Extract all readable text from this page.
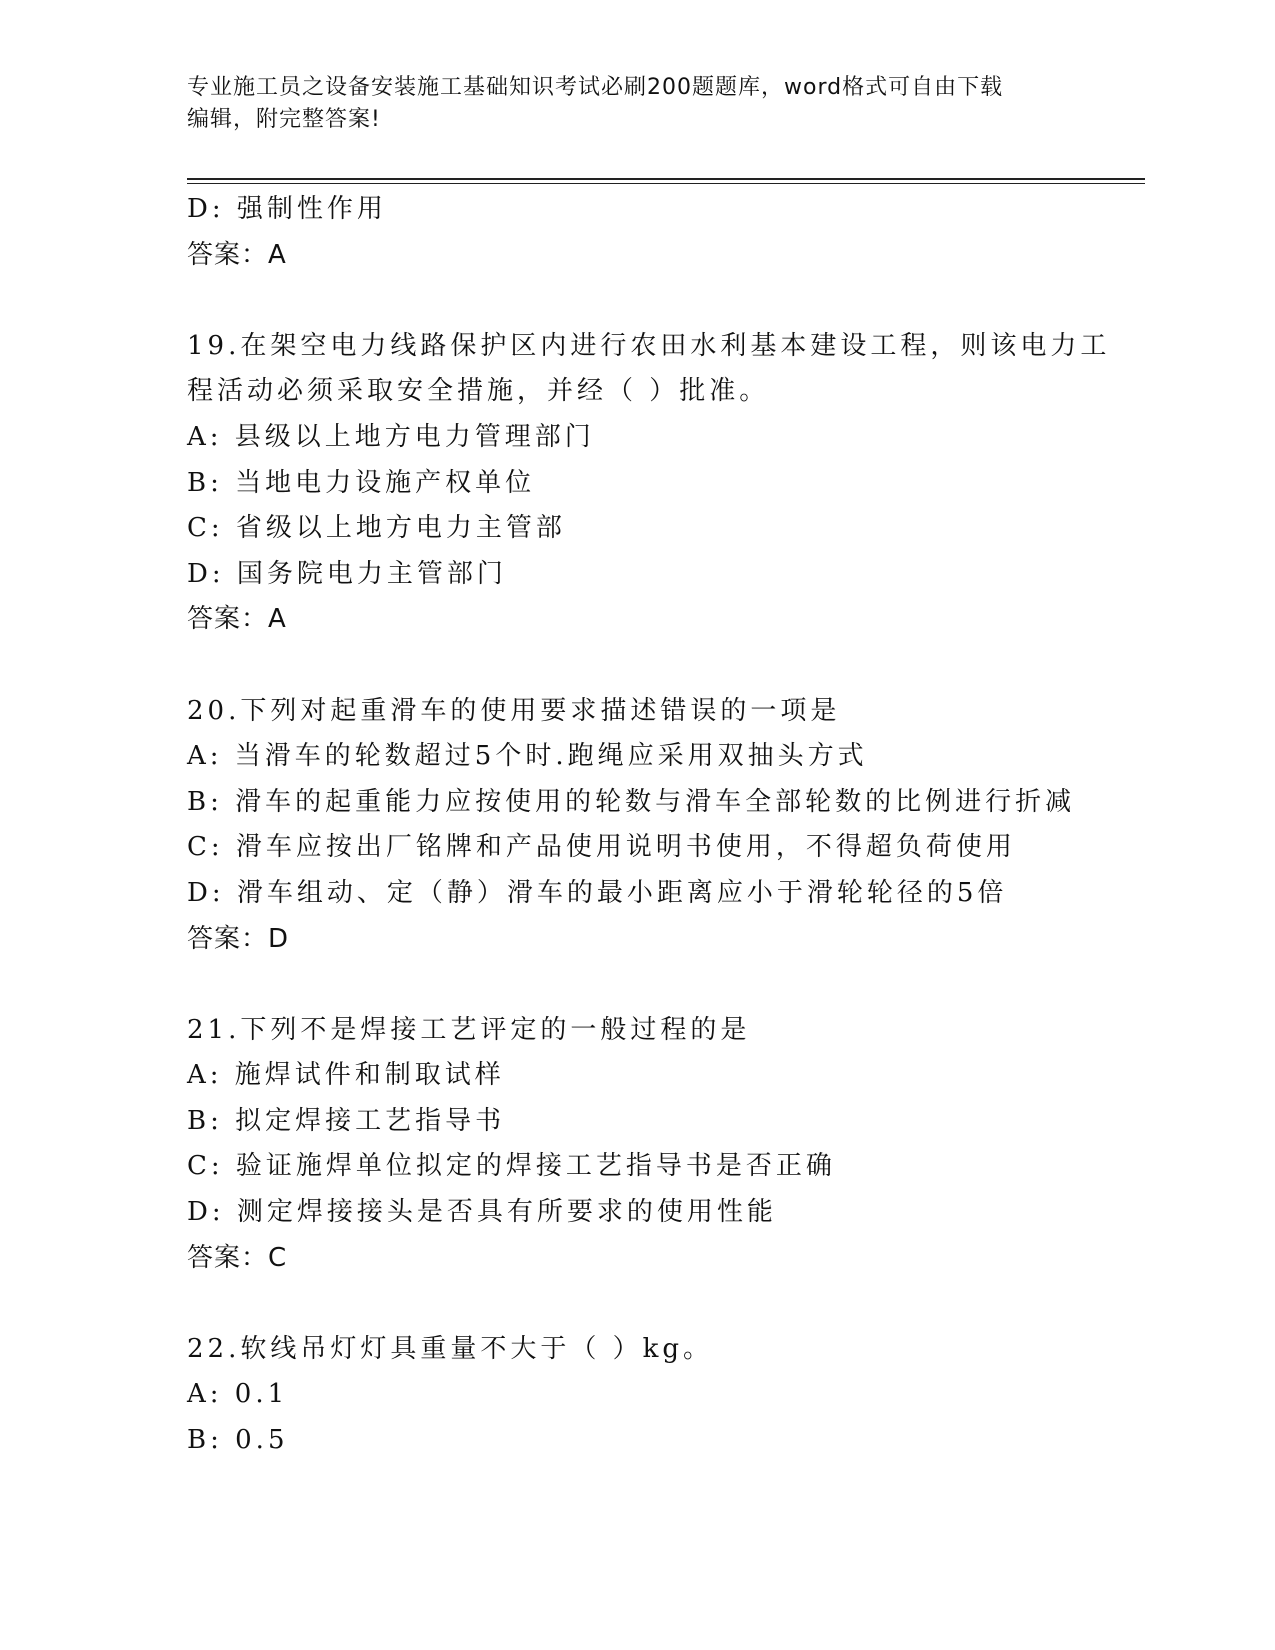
专业施工员之设备安装施工基础知识考试必刷200题题库，word格式可自由下载
编辑，附完整答案!
D: 强制性作用
答案：A
19.在架空电力线路保护区内进行农田水利基本建设工程，则该电力工
程活动必须采取安全措施，并经（ ）批准。
A: 县级以上地方电力管理部门
B: 当地电力设施产权单位
C: 省级以上地方电力主管部
D: 国务院电力主管部门
答案：A
20.下列对起重滑车的使用要求描述错误的一项是
A: 当滑车的轮数超过5个时.跑绳应采用双抽头方式
B: 滑车的起重能力应按使用的轮数与滑车全部轮数的比例进行折减
C: 滑车应按出厂铭牌和产品使用说明书使用，不得超负荷使用
D: 滑车组动、定（静）滑车的最小距离应小于滑轮轮径的5倍
答案：D
21.下列不是焊接工艺评定的一般过程的是
A: 施焊试件和制取试样
B: 拟定焊接工艺指导书
C: 验证施焊单位拟定的焊接工艺指导书是否正确
D: 测定焊接接头是否具有所要求的使用性能
答案：C
22.软线吊灯灯具重量不大于（ ）kg。
A: 0.1
B: 0.5
